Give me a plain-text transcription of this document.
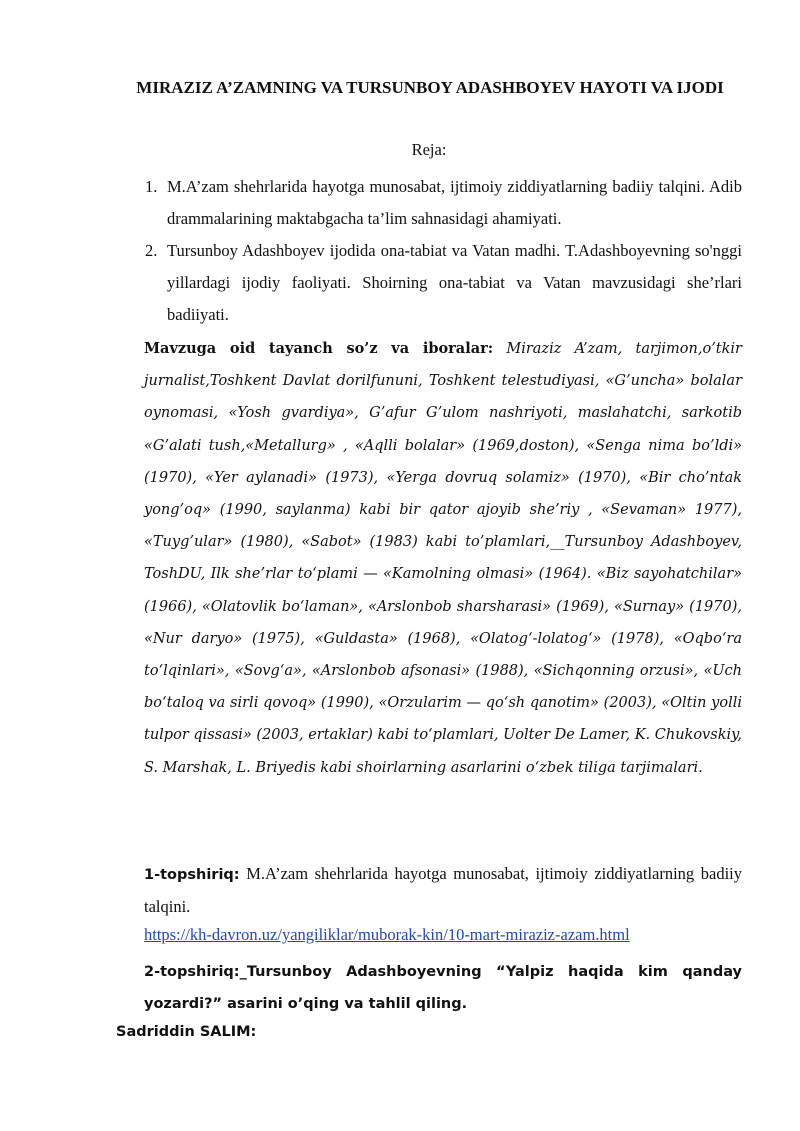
MIRAZIZ A’ZAMNING VA TURSUNBOY ADASHBOYEV HAYOTI VA IJODI
Reja:
1. M.A’zam shehrlarida hayotga munosabat, ijtimoiy ziddiyatlarning badiiy talqini. Adib drammalarining maktabgacha ta’lim sahnasidagi ahamiyati.
2. Tursunboy Adashboyev ijodida ona-tabiat va Vatan madhi. T.Adashboyevning so'nggi yillardagi ijodiy faoliyati. Shoirning ona-tabiat va Vatan mavzusidagi she’rlari badiiyati.
Mavzuga oid tayanch so’z va iboralar: Miraziz A’zam, tarjimon,o’tkir jurnalist,Toshkent Davlat dorilfununi, Toshkent telestudiyasi, «G’uncha» bolalar oynomasi, «Yosh gvardiya», G’afur G’ulom nashriyoti, maslahatchi, sarkotib «G’alati tush,«Metallurg» , «Aqlli bolalar» (1969,doston), «Senga nima bo’ldi» (1970), «Yer aylanadi» (1973), «Yerga dovruq solamiz» (1970), «Bir cho’ntak yong’oq» (1990, saylanma) kabi bir qator ajoyib she’riy , «Sevaman» 1977), «Tuyg’ular» (1980), «Sabot» (1983) kabi to’plamlari,__Tursunboy Adashboyev, ToshDU, Ilk she’rlar to‘plami — «Kamolning olmasi» (1964). «Biz sayohatchilar» (1966), «Olatovlik bo‘laman», «Arslonbob sharsharasi» (1969), «Surnay» (1970), «Nur daryo» (1975), «Guldasta» (1968), «Olatog‘-lolatog‘» (1978), «Oqbo‘ra to‘lqinlari», «Sovg‘a», «Arslonbob afsonasi» (1988), «Sichqonning orzusi», «Uch bo‘taloq va sirli qovoq» (1990), «Orzularim — qo‘sh qanotim» (2003), «Oltin yolli tulpor qissasi» (2003, ertaklar) kabi to‘plamlari, Uolter De Lamer, K. Chukovskiy, S. Marshak, L. Briyedis kabi shoirlarning asarlarini o‘zbek tiliga tarjimalari.
1-topshiriq: M.A’zam shehrlarida hayotga munosabat, ijtimoiy ziddiyatlarning badiiy talqini.
https://kh-davron.uz/yangiliklar/muborak-kin/10-mart-miraziz-azam.html
2-topshiriq:_Tursunboy Adashboyevning “Yalpiz haqida kim qanday yozardi?” asarini o’qing va tahlil qiling.
Sadriddin SALIM:
